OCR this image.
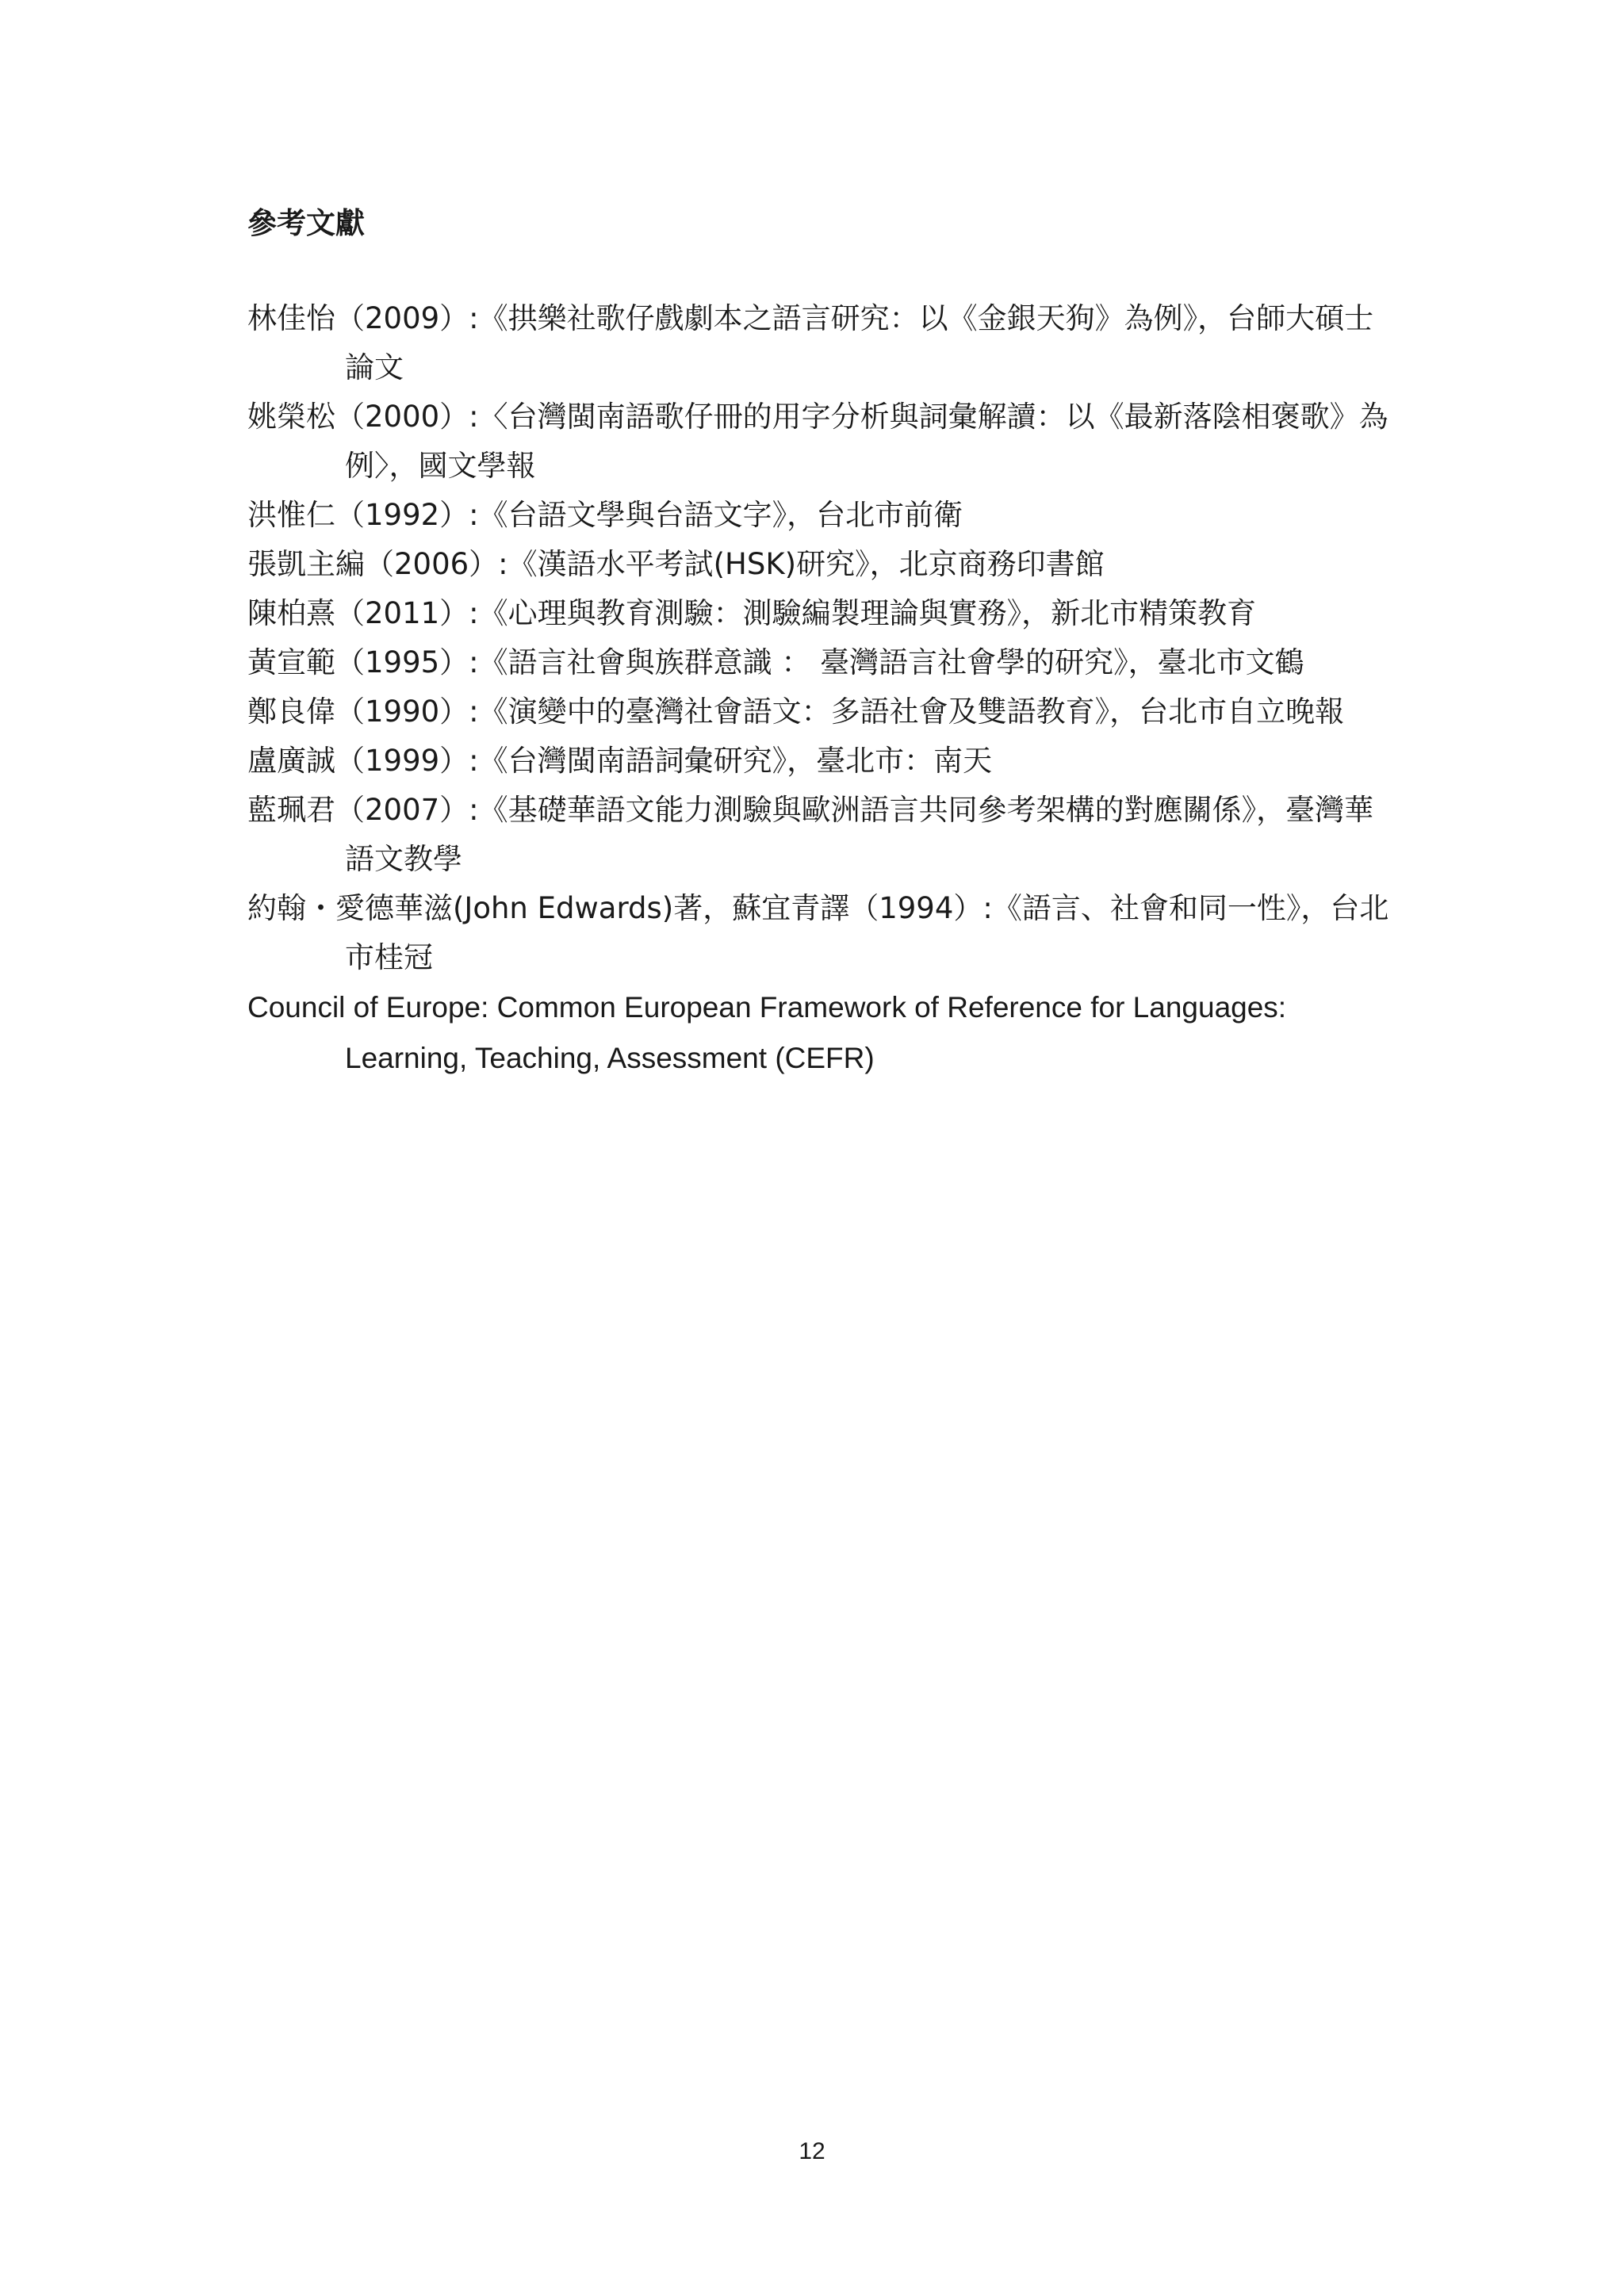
參考文獻
林佳怡（2009）:《拱樂社歌仔戲劇本之語言研究：以《金銀天狗》為例》，台師大碩士論文
姚榮松（2000）:〈台灣閩南語歌仔冊的用字分析與詞彙解讀：以《最新落陰相褒歌》為例〉，國文學報
洪惟仁（1992）:《台語文學與台語文字》，台北市前衛
張凱主編（2006）:《漢語水平考試(HSK)研究》，北京商務印書館
陳柏熹（2011）:《心理與教育測驗：測驗編製理論與實務》，新北市精策教育
黃宣範（1995）:《語言社會與族群意識 ： 臺灣語言社會學的研究》，臺北市文鶴
鄭良偉（1990）:《演變中的臺灣社會語文：多語社會及雙語教育》，台北市自立晚報
盧廣誠（1999）:《台灣閩南語詞彙研究》，臺北市：南天
藍珮君（2007）:《基礎華語文能力測驗與歐洲語言共同參考架構的對應關係》，臺灣華語文教學
約翰・愛德華滋(John Edwards)著，蘇宜青譯（1994）:《語言、社會和同一性》，台北市桂冠
Council of Europe: Common European Framework of Reference for Languages: Learning, Teaching, Assessment (CEFR)
12
